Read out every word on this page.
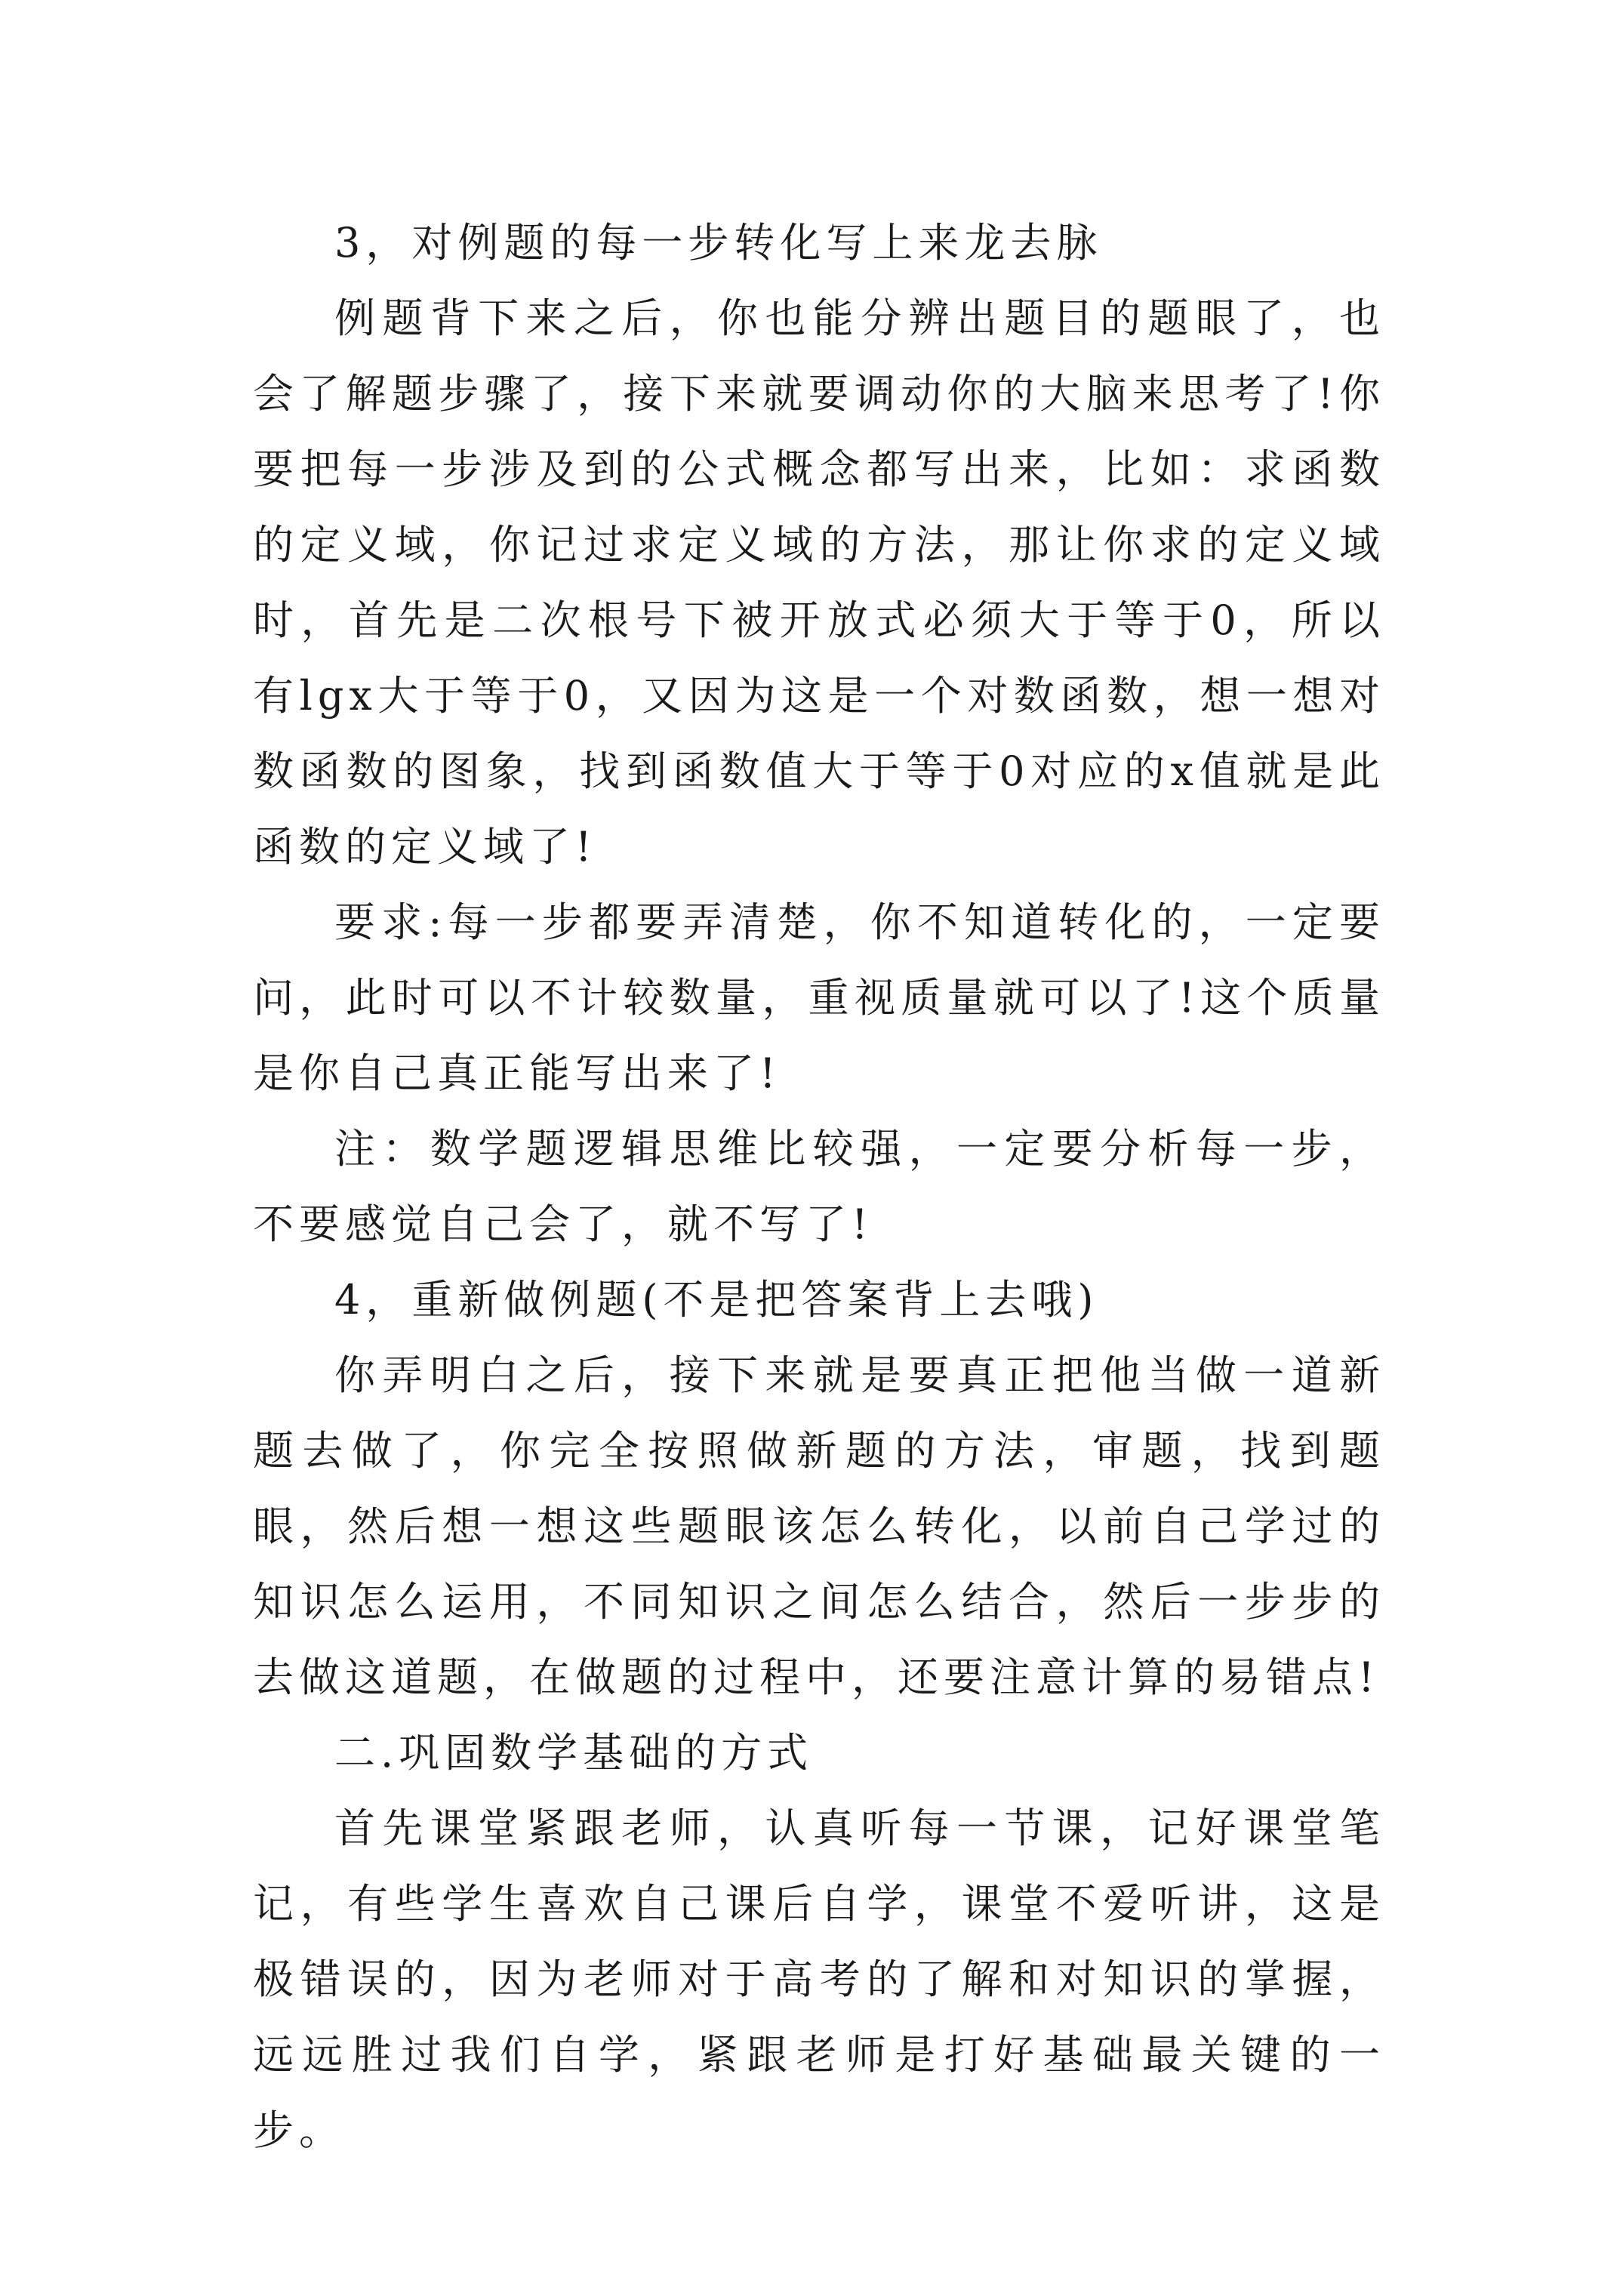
3，对例题的每一步转化写上来龙去脉

例题背下来之后，你也能分辨出题目的题眼了，也会了解题步骤了，接下来就要调动你的大脑来思考了!你要把每一步涉及到的公式概念都写出来，比如：求函数的定义域，你记过求定义域的方法，那让你求的定义域时，首先是二次根号下被开放式必须大于等于0，所以有lgx大于等于0，又因为这是一个对数函数，想一想对数函数的图象，找到函数值大于等于0对应的x值就是此函数的定义域了!

要求:每一步都要弄清楚，你不知道转化的，一定要问，此时可以不计较数量，重视质量就可以了!这个质量是你自己真正能写出来了!

注：数学题逻辑思维比较强，一定要分析每一步，不要感觉自己会了，就不写了!

4，重新做例题(不是把答案背上去哦)

你弄明白之后，接下来就是要真正把他当做一道新题去做了，你完全按照做新题的方法，审题，找到题眼，然后想一想这些题眼该怎么转化，以前自己学过的知识怎么运用，不同知识之间怎么结合，然后一步步的去做这道题，在做题的过程中，还要注意计算的易错点!

二.巩固数学基础的方式

首先课堂紧跟老师，认真听每一节课，记好课堂笔记，有些学生喜欢自己课后自学，课堂不爱听讲，这是极错误的，因为老师对于高考的了解和对知识的掌握，远远胜过我们自学，紧跟老师是打好基础最关键的一步。
